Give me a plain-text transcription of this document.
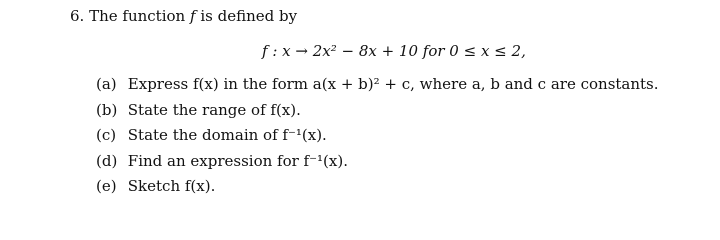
6. The function f is defined by
f : x → 2x² − 8x + 10 for 0 ≤ x ≤ 2,
(a) Express f(x) in the form a(x + b)² + c, where a, b and c are constants.
(b) State the range of f(x).
(c) State the domain of f⁻¹(x).
(d) Find an expression for f⁻¹(x).
(e) Sketch f(x).
